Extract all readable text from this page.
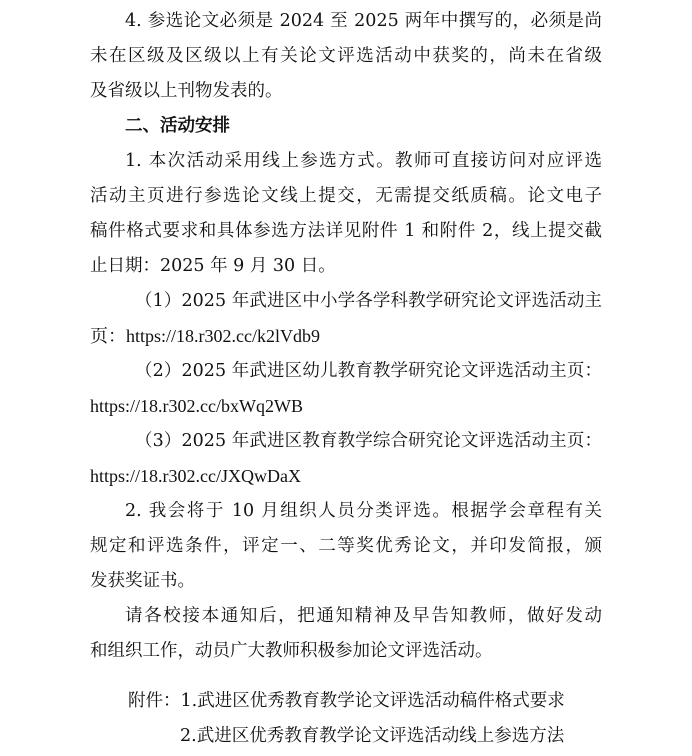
4. 参选论文必须是 2024 至 2025 两年中撰写的，必须是尚
未在区级及区级以上有关论文评选活动中获奖的，尚未在省级
及省级以上刊物发表的。
二、活动安排
1. 本次活动采用线上参选方式。教师可直接访问对应评选
活动主页进行参选论文线上提交，无需提交纸质稿。论文电子
稿件格式要求和具体参选方法详见附件 1 和附件 2，线上提交截
止日期：2025 年 9 月 30 日。
（1）2025 年武进区中小学各学科教学研究论文评选活动主
页：https://18.r302.cc/k2lVdb9
（2）2025 年武进区幼儿教育教学研究论文评选活动主页：
https://18.r302.cc/bxWq2WB
（3）2025 年武进区教育教学综合研究论文评选活动主页：
https://18.r302.cc/JXQwDaX
2. 我会将于 10 月组织人员分类评选。根据学会章程有关
规定和评选条件，评定一、二等奖优秀论文，并印发简报，颁
发获奖证书。
请各校接本通知后，把通知精神及早告知教师，做好发动
和组织工作，动员广大教师积极参加论文评选活动。
附件：1.武进区优秀教育教学论文评选活动稿件格式要求
2.武进区优秀教育教学论文评选活动线上参选方法
